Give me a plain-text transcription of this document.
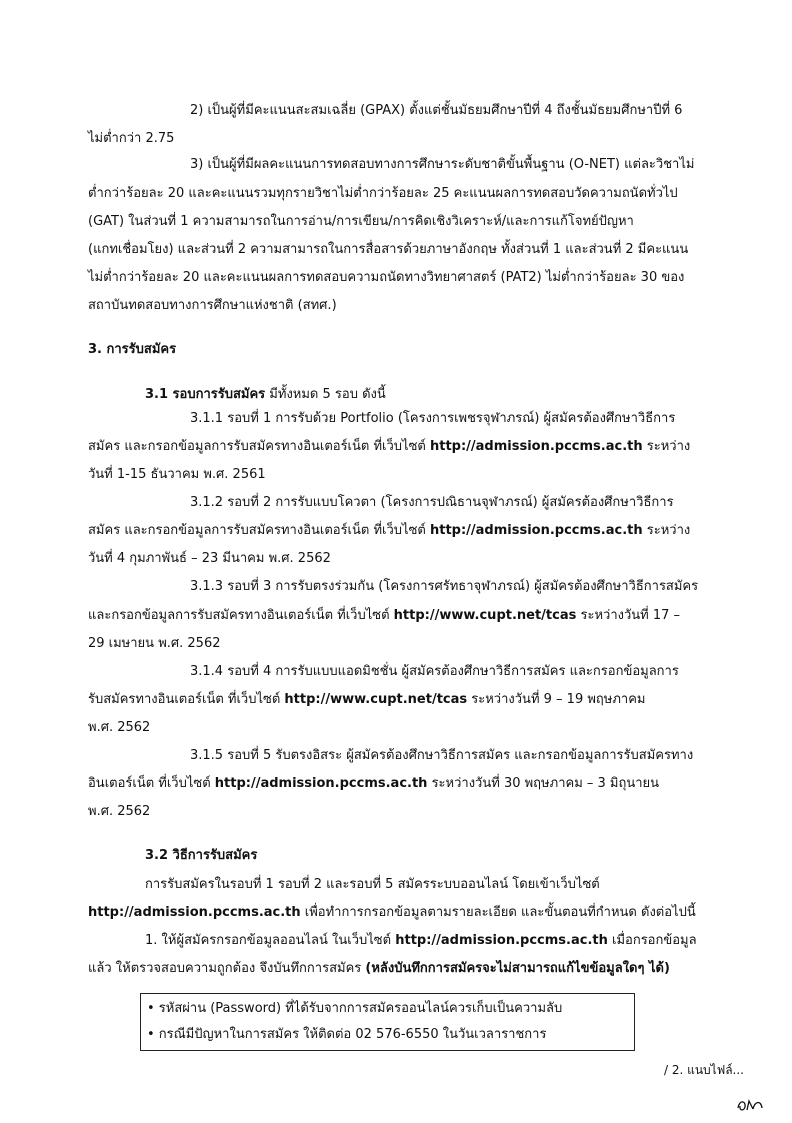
2) เป็นผู้ที่มีคะแนนสะสมเฉลี่ย (GPAX) ตั้งแต่ชั้นมัธยมศึกษาปีที่ 4 ถึงชั้นมัธยมศึกษาปีที่ 6
ไม่ต่ำกว่า 2.75
3) เป็นผู้ที่มีผลคะแนนการทดสอบทางการศึกษาระดับชาติขั้นพื้นฐาน (O-NET) แต่ละวิชาไม่
ต่ำกว่าร้อยละ 20 และคะแนนรวมทุกรายวิชาไม่ต่ำกว่าร้อยละ 25 คะแนนผลการทดสอบวัดความถนัดทั่วไป
(GAT) ในส่วนที่ 1 ความสามารถในการอ่าน/การเขียน/การคิดเชิงวิเคราะห์/และการแก้โจทย์ปัญหา
(แกทเชื่อมโยง) และส่วนที่ 2 ความสามารถในการสื่อสารด้วยภาษาอังกฤษ ทั้งส่วนที่ 1 และส่วนที่ 2 มีคะแนน
ไม่ต่ำกว่าร้อยละ 20 และคะแนนผลการทดสอบความถนัดทางวิทยาศาสตร์ (PAT2) ไม่ต่ำกว่าร้อยละ 30 ของ
สถาบันทดสอบทางการศึกษาแห่งชาติ (สทศ.)
3. การรับสมัคร
3.1 รอบการรับสมัคร มีทั้งหมด 5 รอบ ดังนี้
3.1.1 รอบที่ 1 การรับด้วย Portfolio (โครงการเพชรจุฬาภรณ์) ผู้สมัครต้องศึกษาวิธีการ
สมัคร และกรอกข้อมูลการรับสมัครทางอินเตอร์เน็ต ที่เว็บไซต์ http://admission.pccms.ac.th ระหว่าง
วันที่ 1-15 ธันวาคม พ.ศ. 2561
3.1.2 รอบที่ 2 การรับแบบโควตา (โครงการปณิธานจุฬาภรณ์) ผู้สมัครต้องศึกษาวิธีการ
สมัคร และกรอกข้อมูลการรับสมัครทางอินเตอร์เน็ต ที่เว็บไซต์ http://admission.pccms.ac.th ระหว่าง
วันที่ 4 กุมภาพันธ์ – 23 มีนาคม พ.ศ. 2562
3.1.3 รอบที่ 3 การรับตรงร่วมกัน (โครงการศรัทธาจุฬาภรณ์) ผู้สมัครต้องศึกษาวิธีการสมัคร
และกรอกข้อมูลการรับสมัครทางอินเตอร์เน็ต ที่เว็บไซต์ http://www.cupt.net/tcas ระหว่างวันที่ 17 –
29 เมษายน พ.ศ. 2562
3.1.4 รอบที่ 4 การรับแบบแอดมิชชั่น ผู้สมัครต้องศึกษาวิธีการสมัคร และกรอกข้อมูลการ
รับสมัครทางอินเตอร์เน็ต ที่เว็บไซต์ http://www.cupt.net/tcas ระหว่างวันที่ 9 – 19 พฤษภาคม
พ.ศ. 2562
3.1.5 รอบที่ 5 รับตรงอิสระ ผู้สมัครต้องศึกษาวิธีการสมัคร และกรอกข้อมูลการรับสมัครทาง
อินเตอร์เน็ต ที่เว็บไซต์ http://admission.pccms.ac.th ระหว่างวันที่ 30 พฤษภาคม – 3 มิถุนายน
พ.ศ. 2562
3.2 วิธีการรับสมัคร
การรับสมัครในรอบที่ 1 รอบที่ 2 และรอบที่ 5 สมัครระบบออนไลน์ โดยเข้าเว็บไซต์
http://admission.pccms.ac.th เพื่อทำการกรอกข้อมูลตามรายละเอียด และขั้นตอนที่กำหนด ดังต่อไปนี้
1. ให้ผู้สมัครกรอกข้อมูลออนไลน์ ในเว็บไซต์ http://admission.pccms.ac.th เมื่อกรอกข้อมูล
แล้ว ให้ตรวจสอบความถูกต้อง จึงบันทึกการสมัคร (หลังบันทึกการสมัครจะไม่สามารถแก้ไขข้อมูลใดๆ ได้)
• รหัสผ่าน (Password) ที่ได้รับจากการสมัครออนไลน์ควรเก็บเป็นความลับ
• กรณีมีปัญหาในการสมัคร ให้ติดต่อ 02 576-6550 ในวันเวลาราชการ
/ 2. แนบไฟล์...
